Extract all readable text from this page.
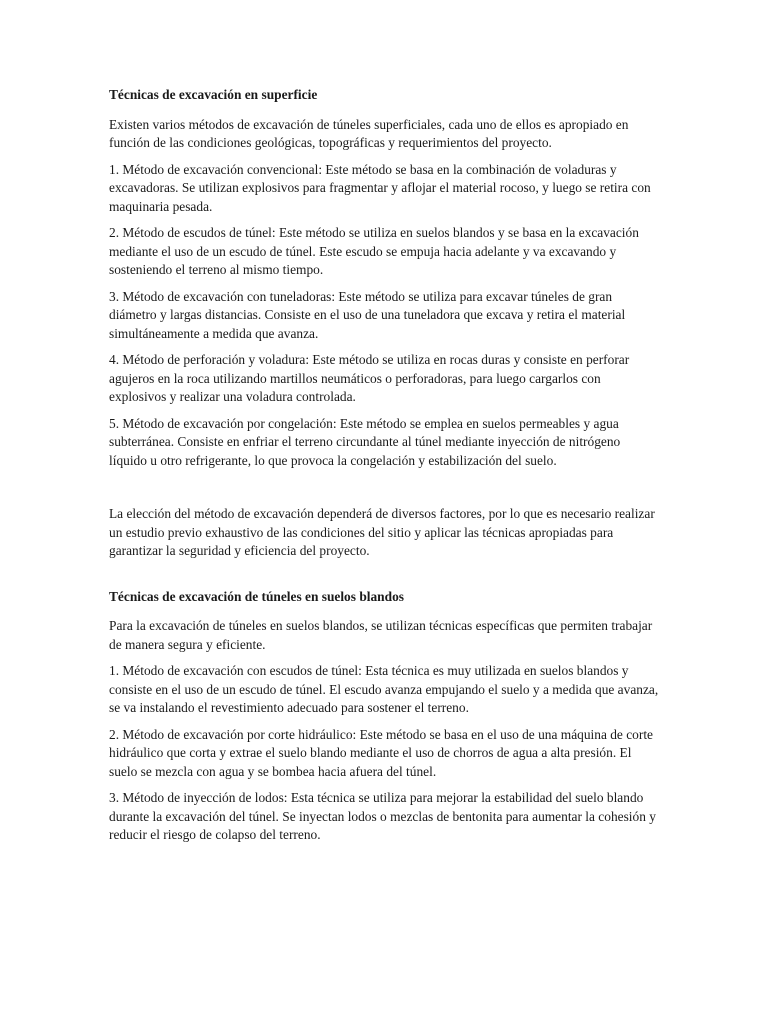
Técnicas de excavación en superficie

Existen varios métodos de excavación de túneles superficiales, cada uno de ellos es apropiado en función de las condiciones geológicas, topográficas y requerimientos del proyecto.

1. Método de excavación convencional: Este método se basa en la combinación de voladuras y excavadoras. Se utilizan explosivos para fragmentar y aflojar el material rocoso, y luego se retira con maquinaria pesada.

2. Método de escudos de túnel: Este método se utiliza en suelos blandos y se basa en la excavación mediante el uso de un escudo de túnel. Este escudo se empuja hacia adelante y va excavando y sosteniendo el terreno al mismo tiempo.

3. Método de excavación con tuneladoras: Este método se utiliza para excavar túneles de gran diámetro y largas distancias. Consiste en el uso de una tuneladora que excava y retira el material simultáneamente a medida que avanza.

4. Método de perforación y voladura: Este método se utiliza en rocas duras y consiste en perforar agujeros en la roca utilizando martillos neumáticos o perforadoras, para luego cargarlos con explosivos y realizar una voladura controlada.

5. Método de excavación por congelación: Este método se emplea en suelos permeables y agua subterránea. Consiste en enfriar el terreno circundante al túnel mediante inyección de nitrógeno líquido u otro refrigerante, lo que provoca la congelación y estabilización del suelo.

La elección del método de excavación dependerá de diversos factores, por lo que es necesario realizar un estudio previo exhaustivo de las condiciones del sitio y aplicar las técnicas apropiadas para garantizar la seguridad y eficiencia del proyecto.

Técnicas de excavación de túneles en suelos blandos

Para la excavación de túneles en suelos blandos, se utilizan técnicas específicas que permiten trabajar de manera segura y eficiente.

1. Método de excavación con escudos de túnel: Esta técnica es muy utilizada en suelos blandos y consiste en el uso de un escudo de túnel. El escudo avanza empujando el suelo y a medida que avanza, se va instalando el revestimiento adecuado para sostener el terreno.

2. Método de excavación por corte hidráulico: Este método se basa en el uso de una máquina de corte hidráulico que corta y extrae el suelo blando mediante el uso de chorros de agua a alta presión. El suelo se mezcla con agua y se bombea hacia afuera del túnel.

3. Método de inyección de lodos: Esta técnica se utiliza para mejorar la estabilidad del suelo blando durante la excavación del túnel. Se inyectan lodos o mezclas de bentonita para aumentar la cohesión y reducir el riesgo de colapso del terreno.
